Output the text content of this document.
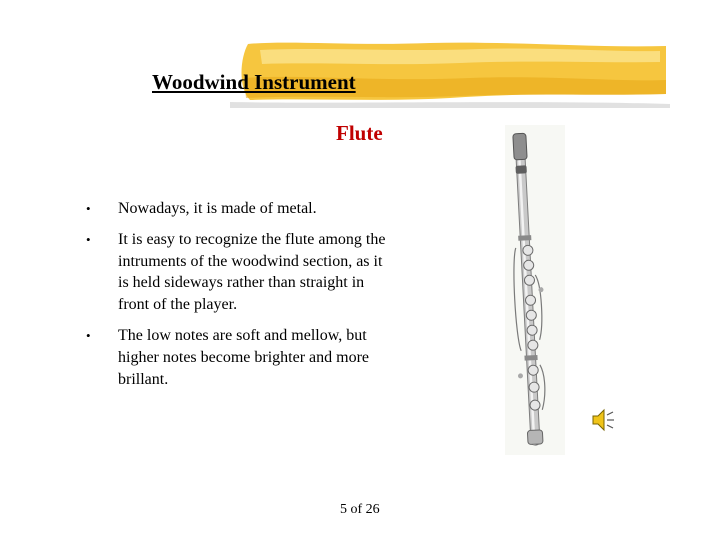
Woodwind Instrument
Flute
• Nowadays, it is made of metal.
• It is easy to recognize the flute among the intruments of the woodwind section, as it is held sideways rather than straight in front of the player.
• The low notes are soft and mellow, but higher notes become brighter and more brillant.

5 of 26
